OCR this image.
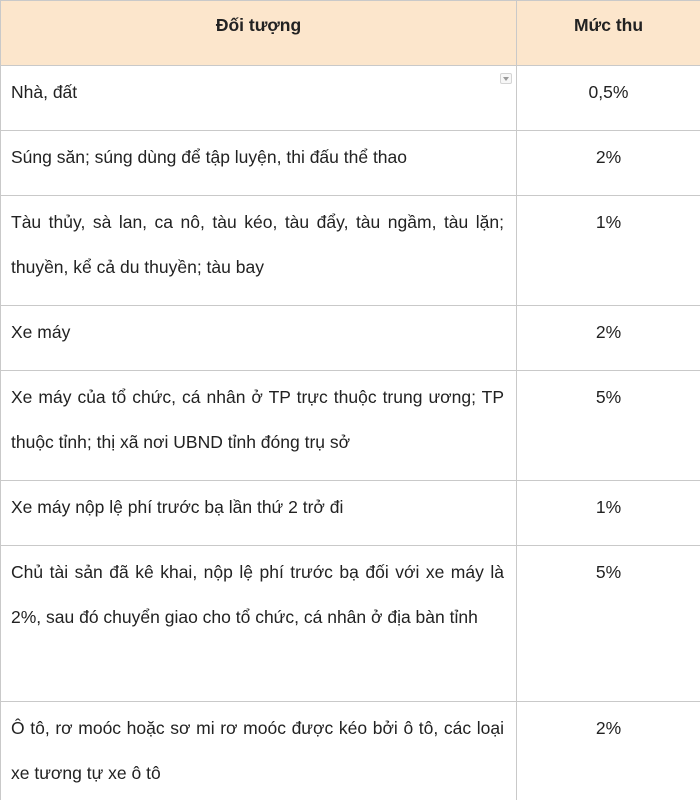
Đối tượng	Mức thu
Nhà, đất	0,5%
Súng săn; súng dùng để tập luyện, thi đấu thể thao	2%
Tàu thủy, sà lan, ca nô, tàu kéo, tàu đẩy, tàu ngầm, tàu lặn; thuyền, kể cả du thuyền; tàu bay	1%
Xe máy	2%
Xe máy của tổ chức, cá nhân ở TP trực thuộc trung ương; TP thuộc tỉnh; thị xã nơi UBND tỉnh đóng trụ sở	5%
Xe máy nộp lệ phí trước bạ lần thứ 2 trở đi	1%
Chủ tài sản đã kê khai, nộp lệ phí trước bạ đối với xe máy là 2%, sau đó chuyển giao cho tổ chức, cá nhân ở địa bàn tỉnh	5%
Ô tô, rơ moóc hoặc sơ mi rơ moóc được kéo bởi ô tô, các loại xe tương tự xe ô tô	2%
